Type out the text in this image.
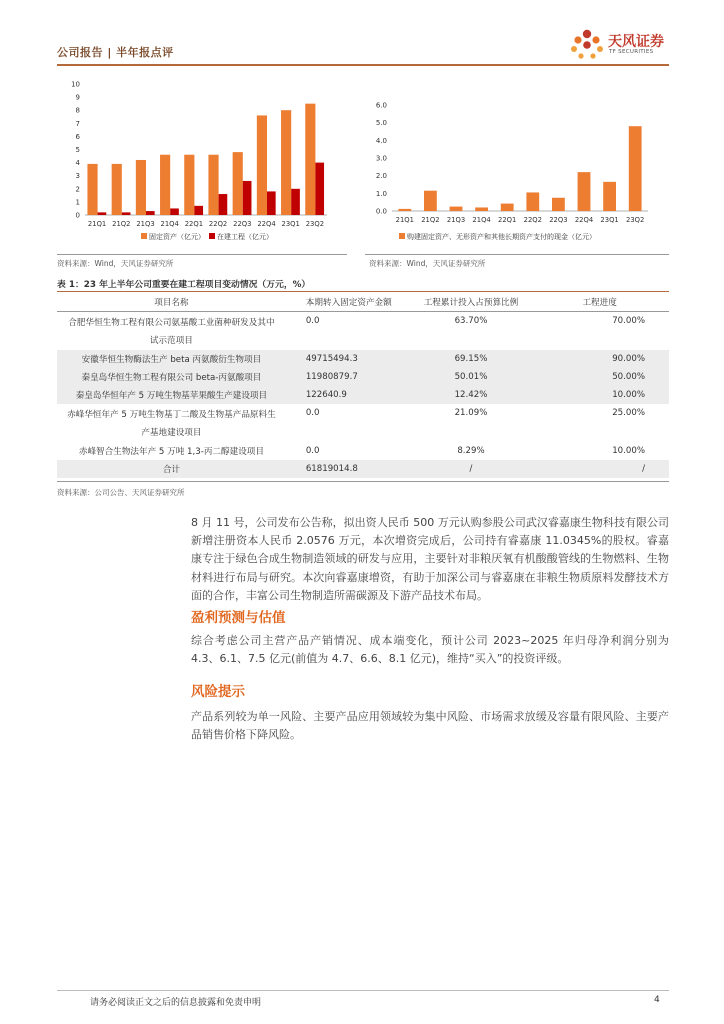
公司报告 | 半年报点评
天风证券
TF SECURITIES
0
1
2
3
4
5
6
7
8
9
10
21Q1 21Q2 21Q3 21Q4 22Q1 22Q2 22Q3 22Q4 23Q1 23Q2
固定资产（亿元） 在建工程（亿元）
0.0
1.0
2.0
3.0
4.0
5.0
6.0
21Q1 21Q2 21Q3 21Q4 22Q1 22Q2 22Q3 22Q4 23Q1 23Q2
购建固定资产、无形资产和其他长期资产支付的现金（亿元）
资料来源：Wind，天风证券研究所	资料来源：Wind，天风证券研究所
表 1：23 年上半年公司重要在建工程项目变动情况（万元，%）
项目名称	本期转入固定资产金额	工程累计投入占预算比例	工程进度

合肥华恒生物工程有限公司氨基酸工业菌种研发及其中
试示范项目	0.0	63.70%	70.00%

安徽华恒生物酶法生产 beta 丙氨酸衍生物项目	49715494.3	69.15%	90.00%

秦皇岛华恒生物工程有限公司 beta-丙氨酸项目	11980879.7	50.01%	50.00%

秦皇岛华恒年产 5 万吨生物基苹果酸生产建设项目	122640.9	12.42%	10.00%

赤峰华恒年产 5 万吨生物基丁二酸及生物基产品原料生
产基地建设项目	0.0	21.09%	25.00%

赤峰智合生物法年产 5 万吨 1,3-丙二醇建设项目	0.0	8.29%	10.00%

合计	61819014.8	/	/
资料来源：公司公告、天风证券研究所
8 月 11 号，公司发布公告称，拟出资人民币 500 万元认购参股公司武汉睿嘉康生物科技有限公司新增注册资本人民币 2.0576 万元，本次增资完成后，公司持有睿嘉康 11.0345%的股权。睿嘉康专注于绿色合成生物制造领域的研发与应用，主要针对非粮厌氧有机酸酸管线的生物燃料、生物材料进行布局与研究。本次向睿嘉康增资，有助于加深公司与睿嘉康在非粮生物质原料发酵技术方面的合作，丰富公司生物制造所需碳源及下游产品技术布局。
盈利预测与估值
综合考虑公司主营产品产销情况、成本端变化，预计公司 2023~2025 年归母净利润分别为 4.3、6.1、7.5 亿元(前值为 4.7、6.6、8.1 亿元)，维持“买入”的投资评级。
风险提示
产品系列较为单一风险、主要产品应用领域较为集中风险、市场需求放缓及容量有限风险、主要产品销售价格下降风险。
请务必阅读正文之后的信息披露和免责申明	4
